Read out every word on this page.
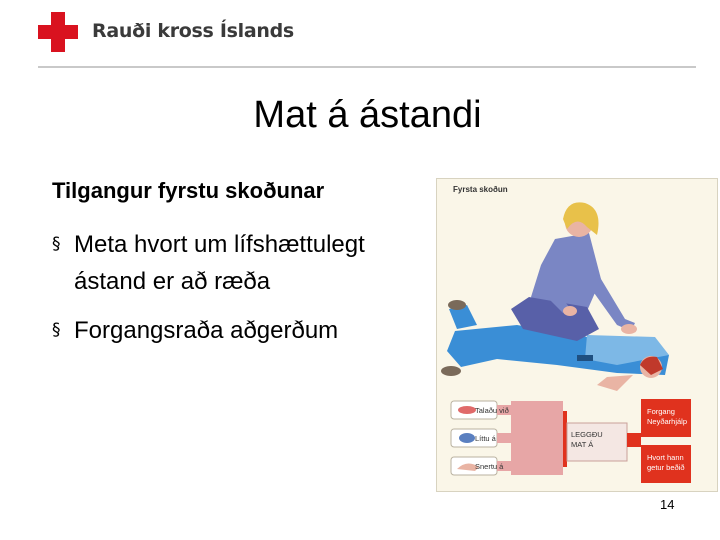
Rauði kross Íslands
Mat á ástandi
Tilgangur fyrstu skoðunar
§ Meta hvort um lífshættulegt
ástand er að ræða
§ Forgangsraða aðgerðum
Fyrsta skoðun
Talaðu við
Líttu á
Snertu á
LEGGÐU
MAT Á
Forgang
Neyðarhjálp
Hvort hann
getur beðið
14
